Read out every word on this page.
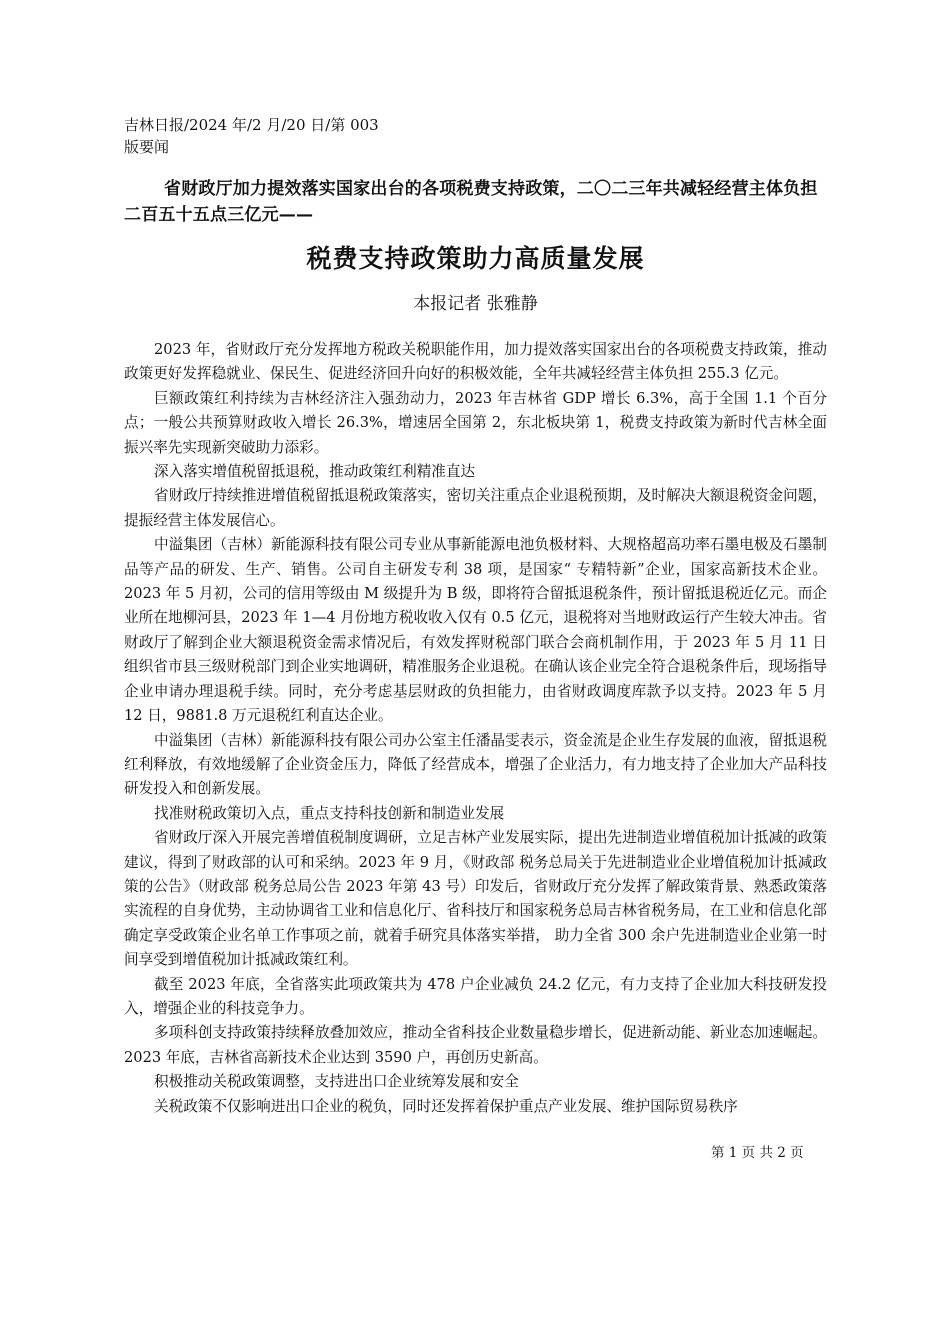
吉林日报/2024 年/2 月/20 日/第 003
版要闻
省财政厅加力提效落实国家出台的各项税费支持政策，二〇二三年共减轻经营主体负担二百五十五点三亿元——
税费支持政策助力高质量发展
本报记者 张雅静

2023 年，省财政厅充分发挥地方税政关税职能作用，加力提效落实国家出台的各项税费支持政策，推动政策更好发挥稳就业、保民生、促进经济回升向好的积极效能，全年共减轻经营主体负担 255.3 亿元。

巨额政策红利持续为吉林经济注入强劲动力，2023 年吉林省 GDP 增长 6.3%，高于全国 1.1 个百分点；一般公共预算财政收入增长 26.3%，增速居全国第 2，东北板块第 1，税费支持政策为新时代吉林全面振兴率先实现新突破助力添彩。

深入落实增值税留抵退税，推动政策红利精准直达

省财政厅持续推进增值税留抵退税政策落实，密切关注重点企业退税预期，及时解决大额退税资金问题，提振经营主体发展信心。

中溢集团（吉林）新能源科技有限公司专业从事新能源电池负极材料、大规格超高功率石墨电极及石墨制品等产品的研发、生产、销售。公司自主研发专利 38 项，是国家“ 专精特新”企业，国家高新技术企业。2023 年 5 月初，公司的信用等级由 M 级提升为 B 级，即将符合留抵退税条件，预计留抵退税近亿元。而企业所在地柳河县，2023 年 1—4 月份地方税收收入仅有 0.5 亿元，退税将对当地财政运行产生较大冲击。省财政厅了解到企业大额退税资金需求情况后，有效发挥财税部门联合会商机制作用，于 2023 年 5 月 11 日组织省市县三级财税部门到企业实地调研，精准服务企业退税。在确认该企业完全符合退税条件后，现场指导企业申请办理退税手续。同时，充分考虑基层财政的负担能力，由省财政调度库款予以支持。2023 年 5 月 12 日，9881.8 万元退税红利直达企业。

中溢集团（吉林）新能源科技有限公司办公室主任潘晶雯表示，资金流是企业生存发展的血液，留抵退税红利释放，有效地缓解了企业资金压力，降低了经营成本，增强了企业活力，有力地支持了企业加大产品科技研发投入和创新发展。

找准财税政策切入点，重点支持科技创新和制造业发展

省财政厅深入开展完善增值税制度调研，立足吉林产业发展实际，提出先进制造业增值税加计抵减的政策建议，得到了财政部的认可和采纳。2023 年 9 月，《财政部 税务总局关于先进制造业企业增值税加计抵减政策的公告》（财政部 税务总局公告 2023 年第 43 号）印发后，省财政厅充分发挥了解政策背景、熟悉政策落实流程的自身优势，主动协调省工业和信息化厅、省科技厅和国家税务总局吉林省税务局，在工业和信息化部确定享受政策企业名单工作事项之前，就着手研究具体落实举措， 助力全省 300 余户先进制造业企业第一时间享受到增值税加计抵减政策红利。

截至 2023 年底，全省落实此项政策共为 478 户企业减负 24.2 亿元，有力支持了企业加大科技研发投入，增强企业的科技竞争力。

多项科创支持政策持续释放叠加效应，推动全省科技企业数量稳步增长，促进新动能、新业态加速崛起。2023 年底，吉林省高新技术企业达到 3590 户，再创历史新高。

积极推动关税政策调整，支持进出口企业统筹发展和安全

关税政策不仅影响进出口企业的税负，同时还发挥着保护重点产业发展、维护国际贸易秩序

第 1 页 共 2 页
